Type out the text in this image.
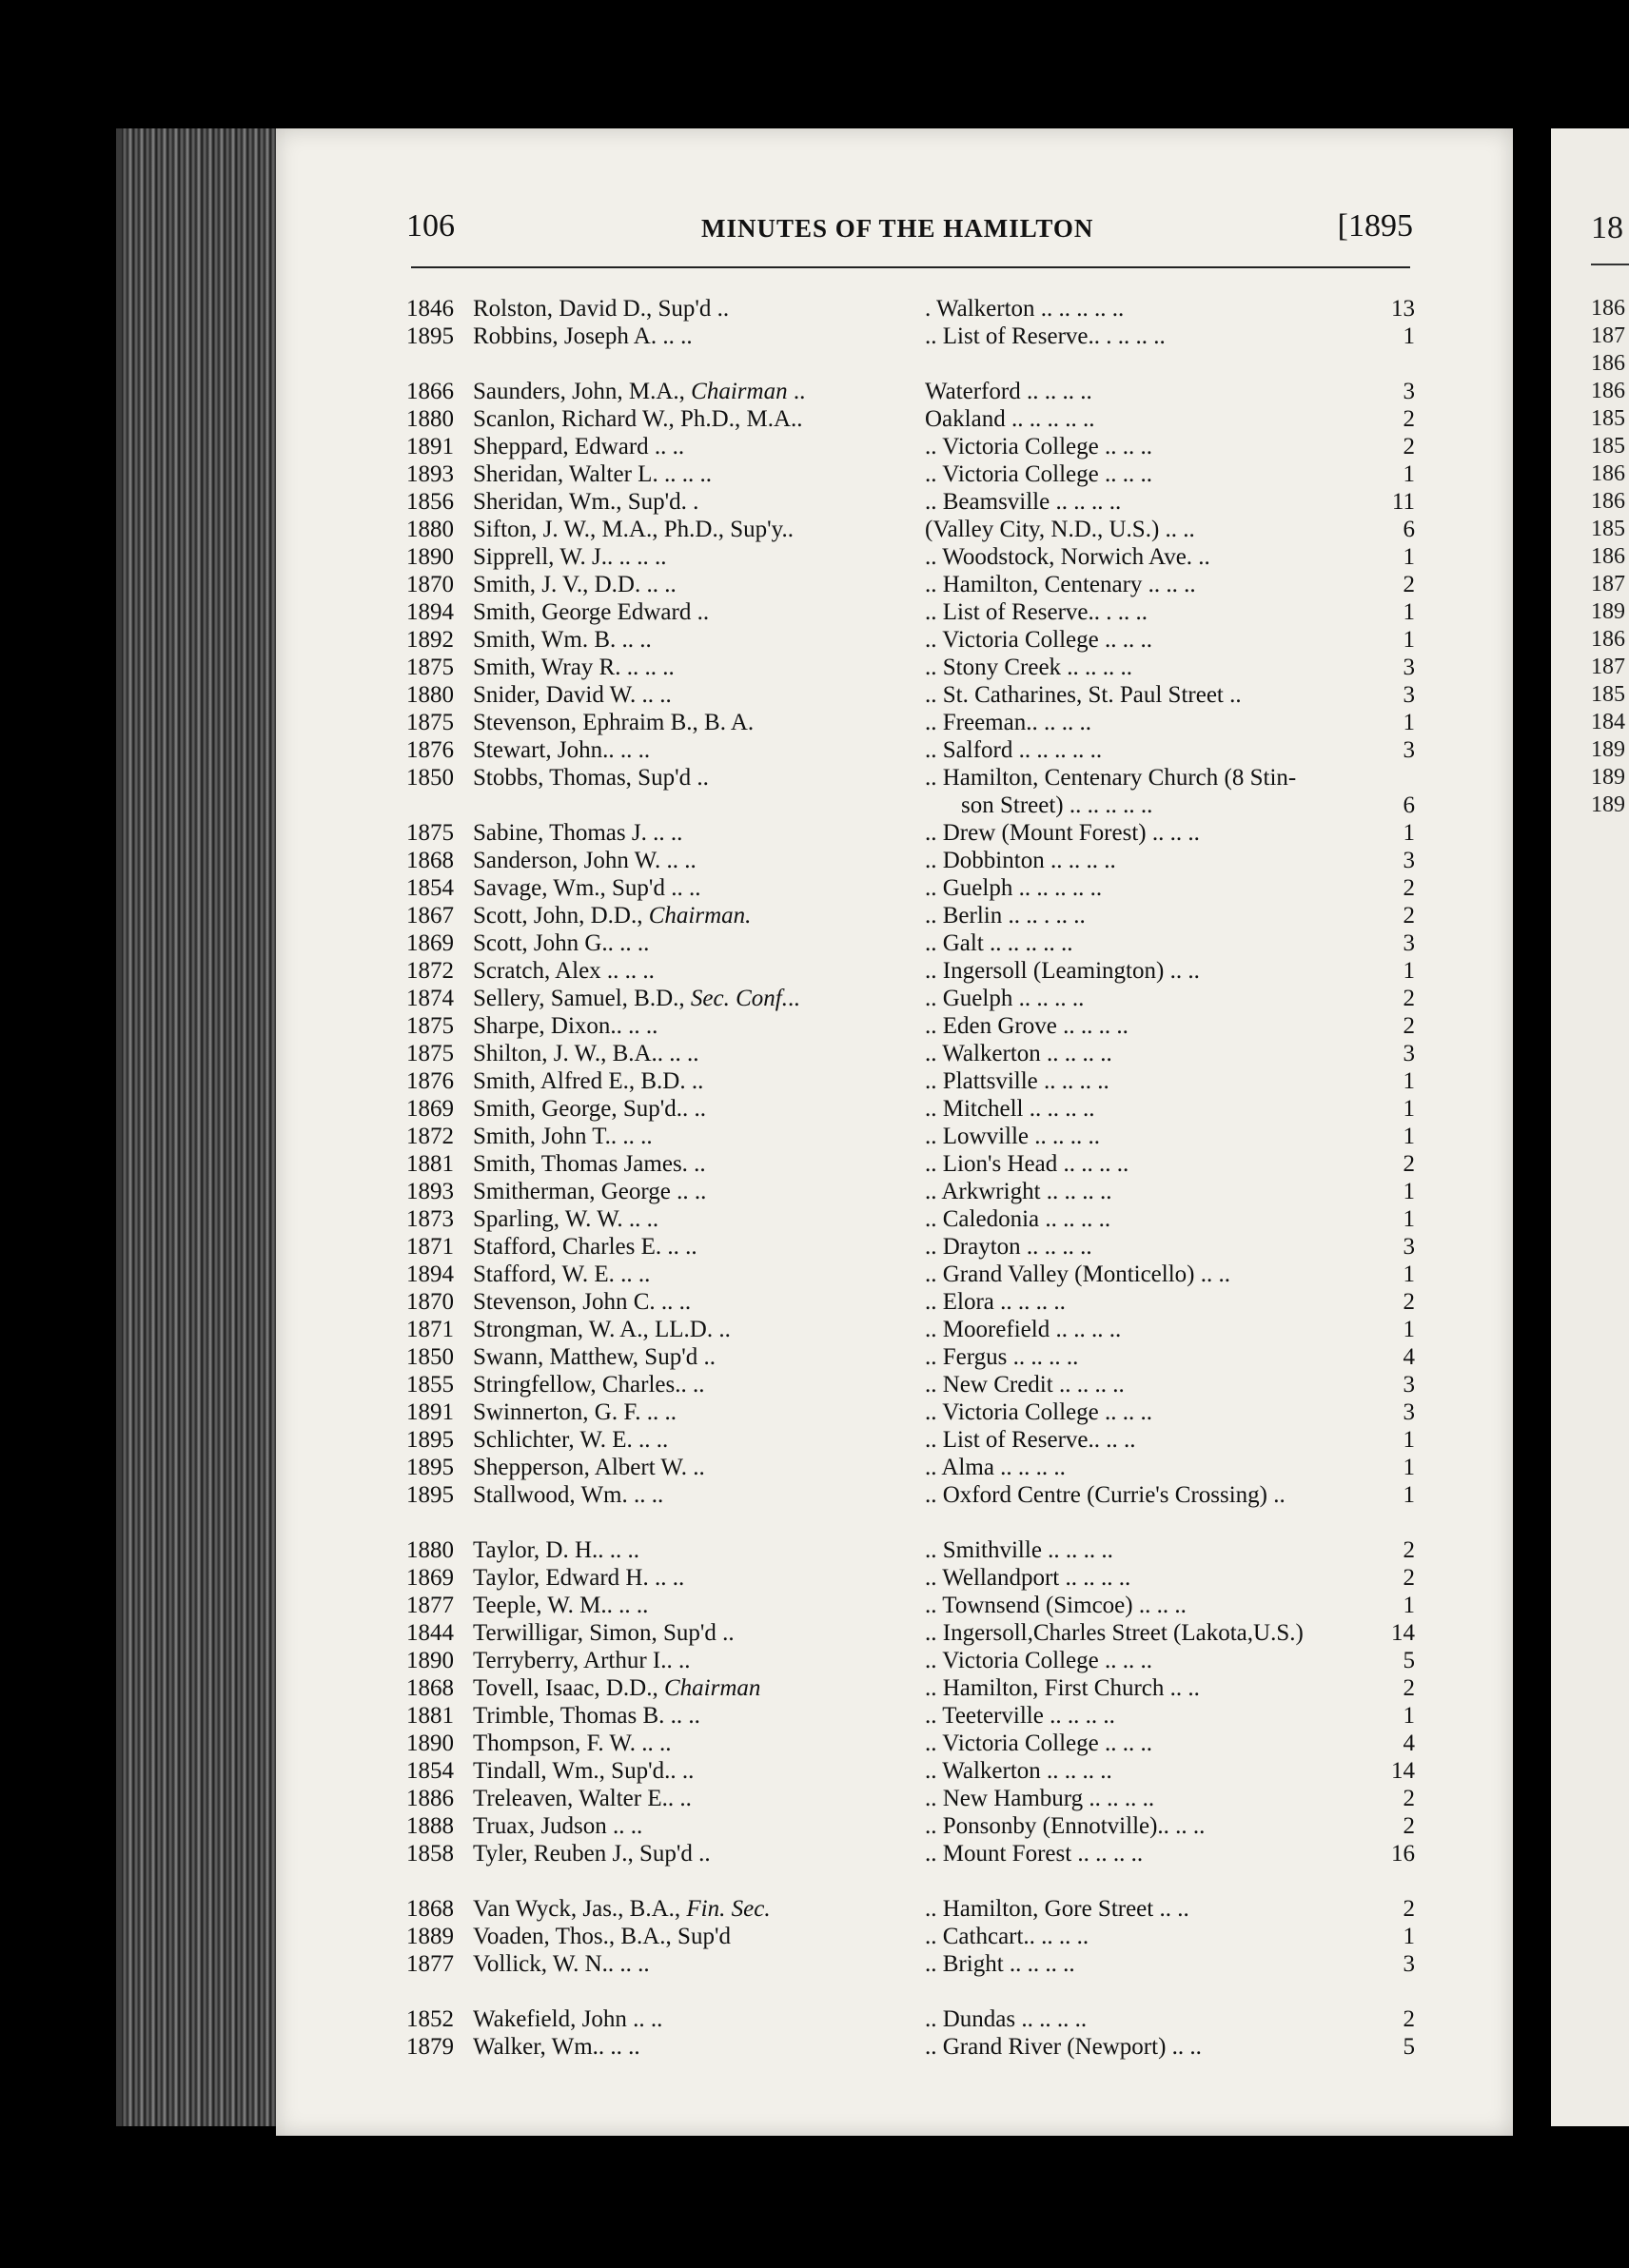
18
186
187
186
186
185
185
186
186
185
186
187
189
186
187
185
184
189
189
189
106	MINUTES OF THE HAMILTON	[1895
1846 Rolston, David D., Sup'd ..	. Walkerton .. .. .. .. ..	13
1895 Robbins, Joseph A. .. ..	.. List of Reserve.. . .. .. ..	1
1866 Saunders, John, M.A., Chairman ..	Waterford .. .. .. ..	3
1880 Scanlon, Richard W., Ph.D., M.A..	Oakland .. .. .. .. ..	2
1891 Sheppard, Edward .. ..	.. Victoria College .. .. ..	2
1893 Sheridan, Walter L. .. .. ..	.. Victoria College .. .. ..	1
1856 Sheridan, Wm., Sup'd. .	.. Beamsville .. .. .. ..	11
1880 Sifton, J. W., M.A., Ph.D., Sup'y..	(Valley City, N.D., U.S.) .. ..	6
1890 Sipprell, W. J.. .. .. ..	.. Woodstock, Norwich Ave. ..	1
1870 Smith, J. V., D.D. .. ..	.. Hamilton, Centenary .. .. ..	2
1894 Smith, George Edward ..	.. List of Reserve.. . .. ..	1
1892 Smith, Wm. B. .. ..	.. Victoria College .. .. ..	1
1875 Smith, Wray R. .. .. ..	.. Stony Creek .. .. .. ..	3
1880 Snider, David W. .. ..	.. St. Catharines, St. Paul Street ..	3
1875 Stevenson, Ephraim B., B. A.	.. Freeman.. .. .. ..	1
1876 Stewart, John.. .. ..	.. Salford .. .. .. .. ..	3
1850 Stobbs, Thomas, Sup'd ..	.. Hamilton, Centenary Church (8 Stin-
son Street) .. .. .. .. ..	6
1875 Sabine, Thomas J. .. ..	.. Drew (Mount Forest) .. .. ..	1
1868 Sanderson, John W. .. ..	.. Dobbinton .. .. .. ..	3
1854 Savage, Wm., Sup'd .. ..	.. Guelph .. .. .. .. ..	2
1867 Scott, John, D.D., Chairman.	.. Berlin .. .. . .. ..	2
1869 Scott, John G.. .. ..	.. Galt .. .. .. .. ..	3
1872 Scratch, Alex .. .. ..	.. Ingersoll (Leamington) .. ..	1
1874 Sellery, Samuel, B.D., Sec. Conf...	.. Guelph .. .. .. ..	2
1875 Sharpe, Dixon.. .. ..	.. Eden Grove .. .. .. ..	2
1875 Shilton, J. W., B.A.. .. ..	.. Walkerton .. .. .. ..	3
1876 Smith, Alfred E., B.D. ..	.. Plattsville .. .. .. ..	1
1869 Smith, George, Sup'd.. ..	.. Mitchell .. .. .. ..	1
1872 Smith, John T.. .. ..	.. Lowville .. .. .. ..	1
1881 Smith, Thomas James. ..	.. Lion's Head .. .. .. ..	2
1893 Smitherman, George .. ..	.. Arkwright .. .. .. ..	1
1873 Sparling, W. W. .. ..	.. Caledonia .. .. .. ..	1
1871 Stafford, Charles E. .. ..	.. Drayton .. .. .. ..	3
1894 Stafford, W. E. .. ..	.. Grand Valley (Monticello) .. ..	1
1870 Stevenson, John C. .. ..	.. Elora .. .. .. ..	2
1871 Strongman, W. A., LL.D. ..	.. Moorefield .. .. .. ..	1
1850 Swann, Matthew, Sup'd ..	.. Fergus .. .. .. ..	4
1855 Stringfellow, Charles.. ..	.. New Credit .. .. .. ..	3
1891 Swinnerton, G. F. .. ..	.. Victoria College .. .. ..	3
1895 Schlichter, W. E. .. ..	.. List of Reserve.. .. ..	1
1895 Shepperson, Albert W. ..	.. Alma .. .. .. ..	1
1895 Stallwood, Wm. .. ..	.. Oxford Centre (Currie's Crossing) ..	1
1880 Taylor, D. H.. .. ..	.. Smithville .. .. .. ..	2
1869 Taylor, Edward H. .. ..	.. Wellandport .. .. .. ..	2
1877 Teeple, W. M.. .. ..	.. Townsend (Simcoe) .. .. ..	1
1844 Terwilligar, Simon, Sup'd ..	.. Ingersoll,Charles Street (Lakota,U.S.)	14
1890 Terryberry, Arthur I.. ..	.. Victoria College .. .. ..	5
1868 Tovell, Isaac, D.D., Chairman	.. Hamilton, First Church .. ..	2
1881 Trimble, Thomas B. .. ..	.. Teeterville .. .. .. ..	1
1890 Thompson, F. W. .. ..	.. Victoria College .. .. ..	4
1854 Tindall, Wm., Sup'd.. ..	.. Walkerton .. .. .. ..	14
1886 Treleaven, Walter E.. ..	.. New Hamburg .. .. .. ..	2
1888 Truax, Judson .. ..	.. Ponsonby (Ennotville).. .. ..	2
1858 Tyler, Reuben J., Sup'd ..	.. Mount Forest .. .. .. ..	16
1868 Van Wyck, Jas., B.A., Fin. Sec.	.. Hamilton, Gore Street .. ..	2
1889 Voaden, Thos., B.A., Sup'd	.. Cathcart.. .. .. ..	1
1877 Vollick, W. N.. .. ..	.. Bright .. .. .. ..	3
1852 Wakefield, John .. ..	.. Dundas .. .. .. ..	2
1879 Walker, Wm.. .. ..	.. Grand River (Newport) .. ..	5
